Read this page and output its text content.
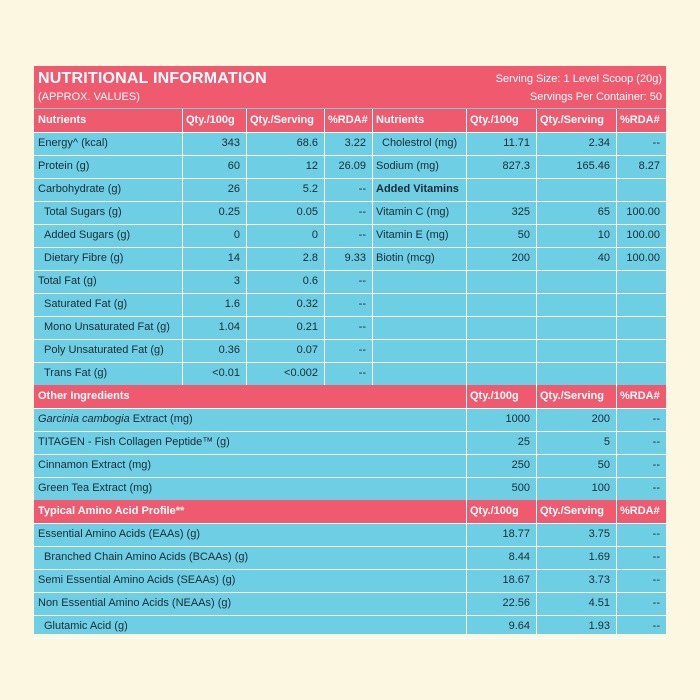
NUTRITIONAL INFORMATION
(APPROX. VALUES)
Serving Size: 1 Level Scoop (20g)
Servings Per Container: 50
Nutrients	Qty./100g	Qty./Serving	%RDA# Nutrients	Qty./100g	Qty./Serving	%RDA#
Energy^ (kcal)	343	68.6	3.22	Cholestrol (mg)	11.71	2.34	--
Protein (g)	60	12	26.09 Sodium (mg)	827.3	165.46	8.27
Carbohydrate (g)	26	5.2	-- Added Vitamins
Total Sugars (g)	0.25	0.05	-- Vitamin C (mg)	325	65	100.00
Added Sugars (g)	0	0	-- Vitamin E (mg)	50	10	100.00
Dietary Fibre (g)	14	2.8	9.33 Biotin (mcg)	200	40	100.00
Total Fat (g)	3	0.6	--
Saturated Fat (g)	1.6	0.32	--
Mono Unsaturated Fat (g)	1.04	0.21	--
Poly Unsaturated Fat (g)	0.36	0.07	--
Trans Fat (g)	<0.01	<0.002	--
Other Ingredients	Qty./100g	Qty./Serving	%RDA#
Garcinia cambogia Extract (mg)	1000	200	--
TITAGEN - Fish Collagen Peptide™ (g)	25	5	--
Cinnamon Extract (mg)	250	50	--
Green Tea Extract (mg)	500	100	--
Typical Amino Acid Profile**	Qty./100g	Qty./Serving	%RDA#
Essential Amino Acids (EAAs) (g)	18.77	3.75	--
Branched Chain Amino Acids (BCAAs) (g)	8.44	1.69	--
Semi Essential Amino Acids (SEAAs) (g)	18.67	3.73	--
Non Essential Amino Acids (NEAAs) (g)	22.56	4.51	--
Glutamic Acid (g)	9.64	1.93	--
